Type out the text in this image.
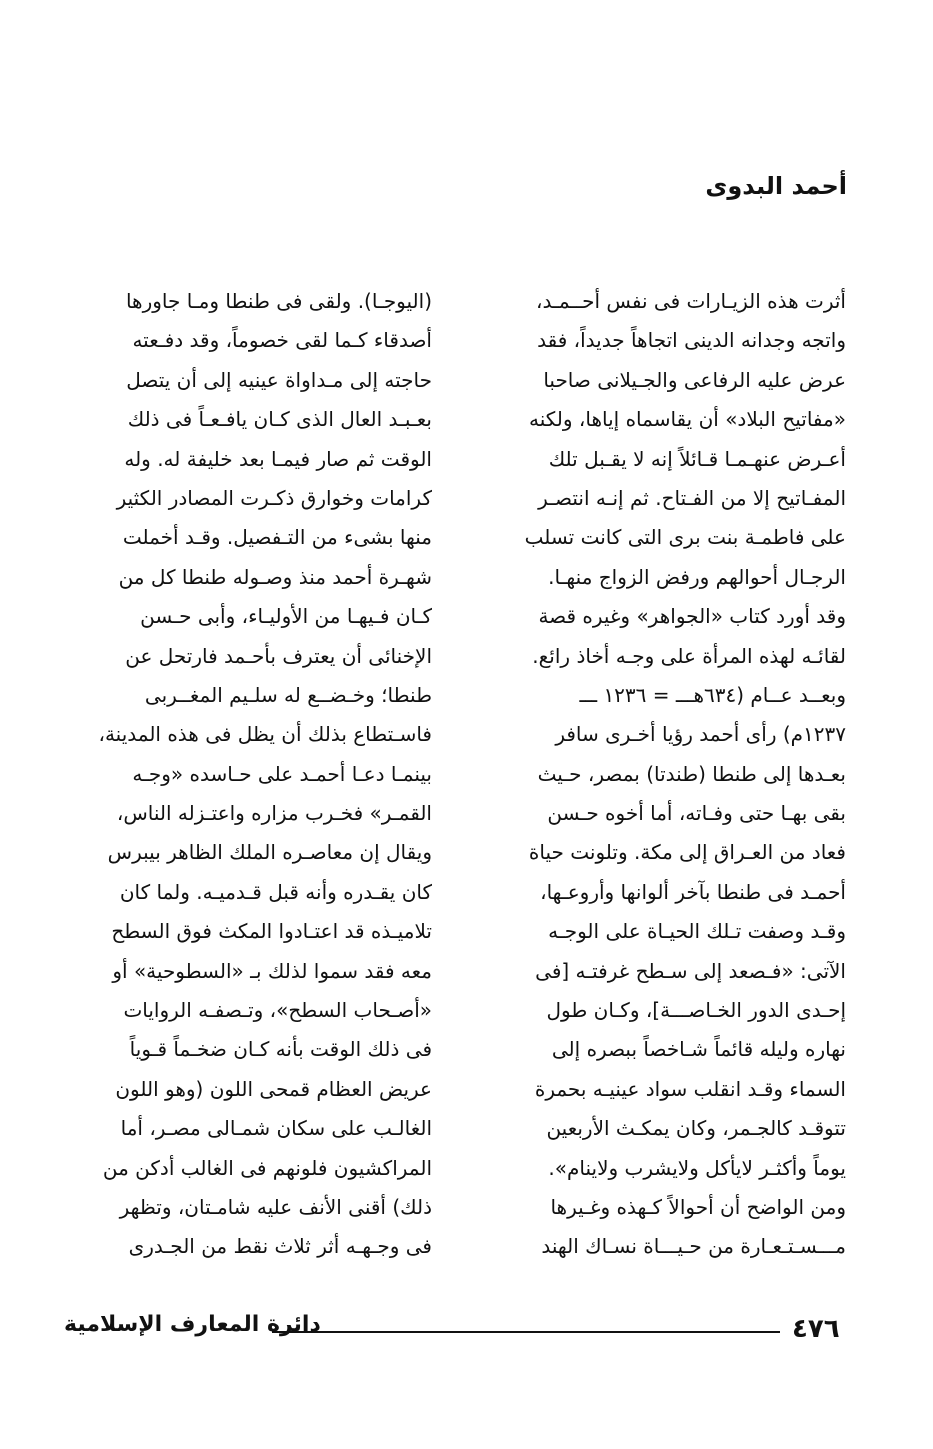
أحمد البدوى
أثرت هذه الزيـارات فى نفس أحــمـد،
واتجه وجدانه الدينى اتجاهاً جديداً، فقد
عرض عليه الرفاعى والجـيلانى صاحبا
«مفاتيح البلاد» أن يقاسماه إياها، ولكنه
أعـرض عنهـمـا قـائلاً إنه لا يقـبل تلك
المفـاتيح إلا من الفـتاح. ثم إنـه انتصـر
على فاطمـة بنت برى التى كانت تسلب
الرجـال أحوالهم ورفض الزواج منهـا.
وقد أورد كتاب «الجواهر» وغيره قصة
لقائـه لهذه المرأة على وجـه أخاذ رائع.
وبعــد عــام (٦٣٤هـــ = ١٢٣٦ ـــ
١٢٣٧م) رأى أحمد رؤيا أخـرى سافر
بعـدها إلى طنطا (طندتا) بمصر، حـيث
بقى بهـا حتى وفـاته، أما أخوه حـسن
فعاد من العـراق إلى مكة. وتلونت حياة
أحمـد فى طنطا بآخر ألوانها وأروعـها،
وقـد وصفت تـلك الحيـاة على الوجـه
الآتى: «فـصعد إلى سـطح غرفتـه [فى
إحـدى الدور الخـاصـــة]، وكـان طول
نهاره وليله قائماً شـاخصاً ببصره إلى
السماء وقـد انقلب سواد عينيـه بحمرة
تتوقـد كالجـمر، وكان يمكـث الأربعين
يوماً وأكثـر لايأكل ولايشرب ولاينام».
ومن الواضح أن أحوالاً كـهذه وغـيرها
مـــسـتـعـارة من حـيـــاة نسـاك الهند
(اليوجـا). ولقى فى طنطا ومـا جاورها
أصدقاء كـما لقى خصوماً، وقد دفـعته
حاجته إلى مـداواة عينيه إلى أن يتصل
بعـبـد العال الذى كـان يافـعـاً فى ذلك
الوقت ثم صار فيمـا بعد خليفة له. وله
كرامات وخوارق ذكـرت المصادر الكثير
منها بشىء من التـفصيل. وقـد أخملت
شهـرة أحمد منذ وصـوله طنطا كل من
كـان فـيهـا من الأوليـاء، وأبى حـسن
الإخنائى أن يعترف بأحـمد فارتحل عن
طنطا؛ وخـضــع له سلـيم المغــربى
فاسـتطاع بذلك أن يظل فى هذه المدينة،
بينمـا دعـا أحمـد على حـاسده «وجـه
القمـر» فخـرب مزاره واعتـزله الناس،
ويقال إن معاصـره الملك الظاهر بيبرس
كان يقـدره وأنه قبل قـدميـه. ولما كان
تلاميـذه قد اعتـادوا المكث فوق السطح
معه فقد سموا لذلك بـ «السطوحية» أو
«أصـحاب السطح»، وتـصفـه الروايات
فى ذلك الوقت بأنه كـان ضخـماً قـوياً
عريض العظام قمحى اللون (وهو اللون
الغالـب على سكان شمـالى مصـر، أما
المراكشيون فلونهم فى الغالب أدكن من
ذلك) أقنى الأنف عليه شامـتان، وتظهر
فى وجـهـه أثر ثلاث نقط من الجـدرى
٤٧٦
دائرة المعارف الإسلامية
